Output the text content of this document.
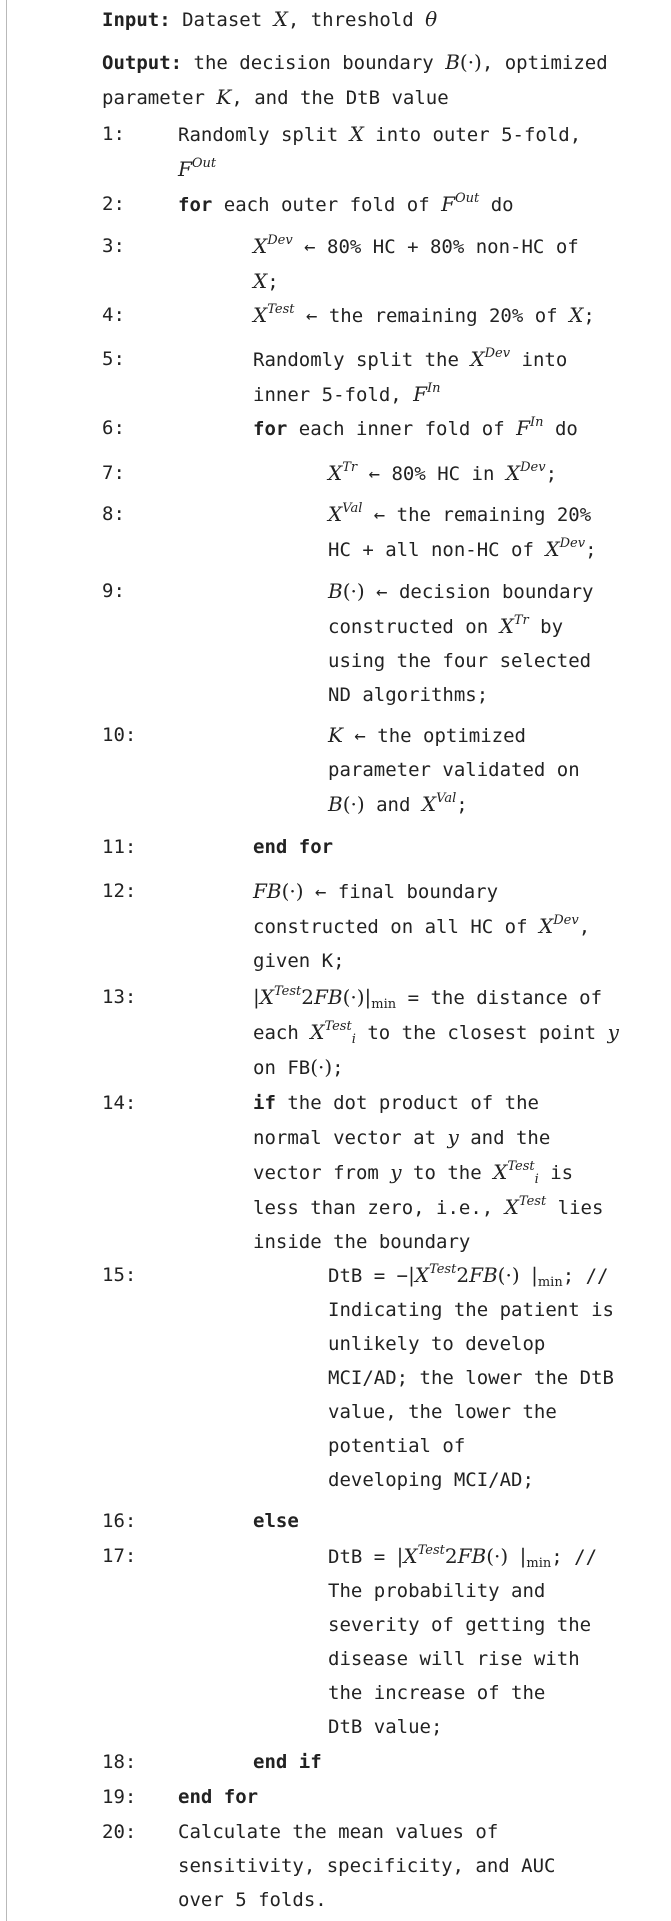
Input: Dataset X, threshold θ
Output: the decision boundary B(·), optimized
parameter K, and the DtB value
1:	Randomly split X into outer 5-fold,
$F^{Out}$
2:	for each outer fold of $F^{Out}$ do
3:	$X^{Dev}$ ← 80% HC + 80% non-HC of
X;
4:	$X^{Test}$ ← the remaining 20% of X;
5:	Randomly split the $X^{Dev}$ into
inner 5-fold, $F^{In}$
6:	for each inner fold of $F^{In}$ do
7:	$X^{Tr}$ ← 80% HC in $X^{Dev}$;
8:	$X^{Val}$ ← the remaining 20%
HC + all non-HC of $X^{Dev}$;
9:	B(·) ← decision boundary
constructed on $X^{Tr}$ by
using the four selected
ND algorithms;
10:	K ← the optimized
parameter validated on
B(·) and $X^{Val}$;
11:	end for
12:	FB(·) ← final boundary
constructed on all HC of $X^{Dev}$,
given K;
13:	$|X^{Test}2FB(\cdot)|_{min}$ = the distance of
each $X^{Test}_i$ to the closest point y
on FB(·);
14:	if the dot product of the
normal vector at y and the
vector from y to the $X^{Test}_i$ is
less than zero, i.e., $X^{Test}$ lies
inside the boundary
15:	DtB = $-|X^{Test}2FB(\cdot)$ $|_{min}$; //
Indicating the patient is
unlikely to develop
MCI/AD; the lower the DtB
value, the lower the
potential of
developing MCI/AD;
16:	else
17:	DtB = $|X^{Test}2FB(\cdot)$ $|_{min}$; //
The probability and
severity of getting the
disease will rise with
the increase of the
DtB value;
18:	end if
19: end for
20: Calculate the mean values of
sensitivity, specificity, and AUC
over 5 folds.
